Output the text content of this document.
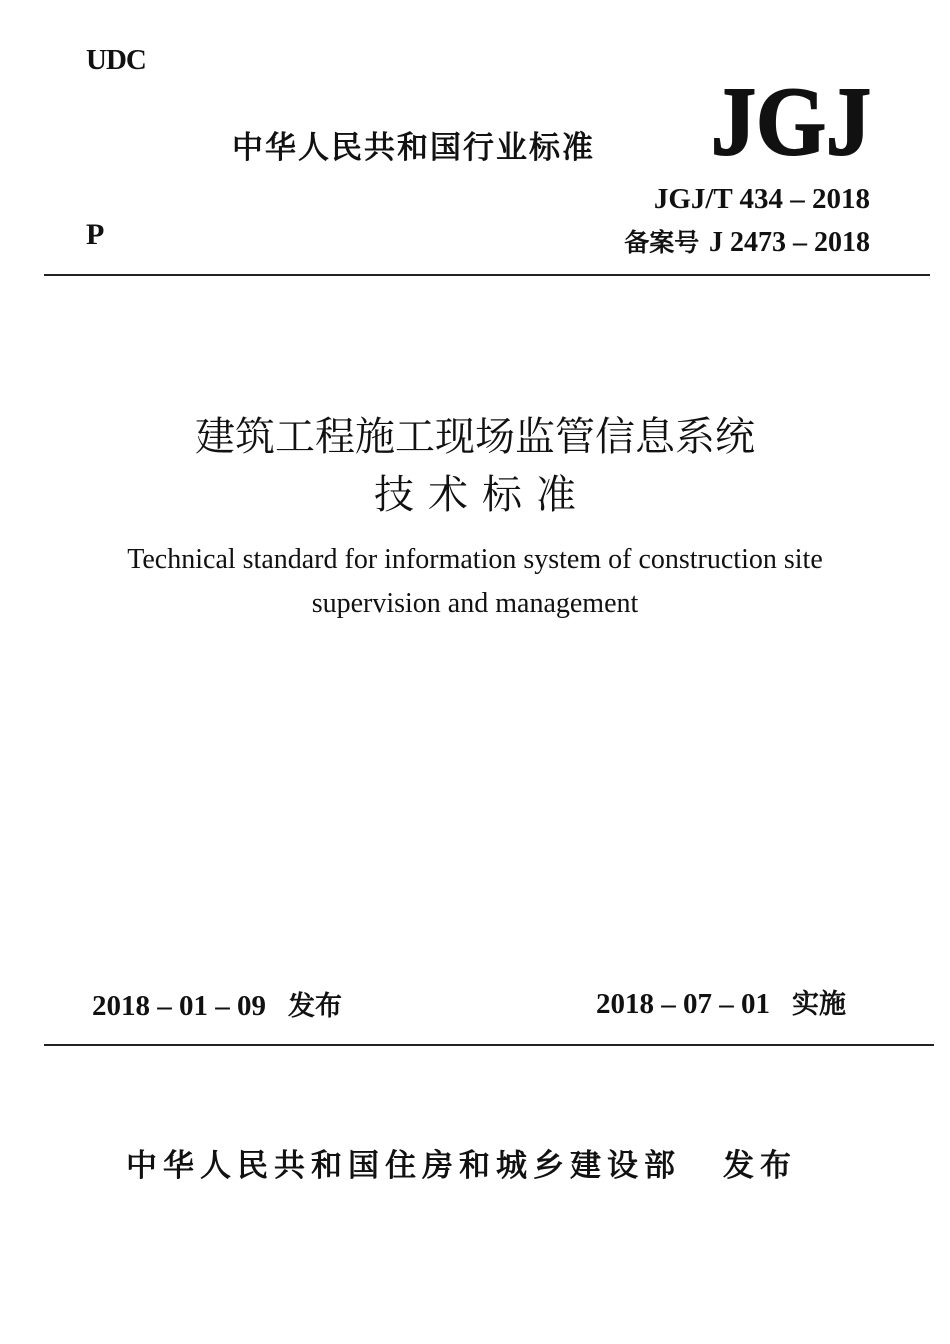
UDC
中华人民共和国行业标准 JGJ
P
JGJ/T 434 – 2018
备案号 J 2473 – 2018
建筑工程施工现场监管信息系统
技术标准
Technical standard for information system of construction site
supervision and management
2018 – 01 – 09 发布	2018 – 07 – 01 实施
中华人民共和国住房和城乡建设部 发布
